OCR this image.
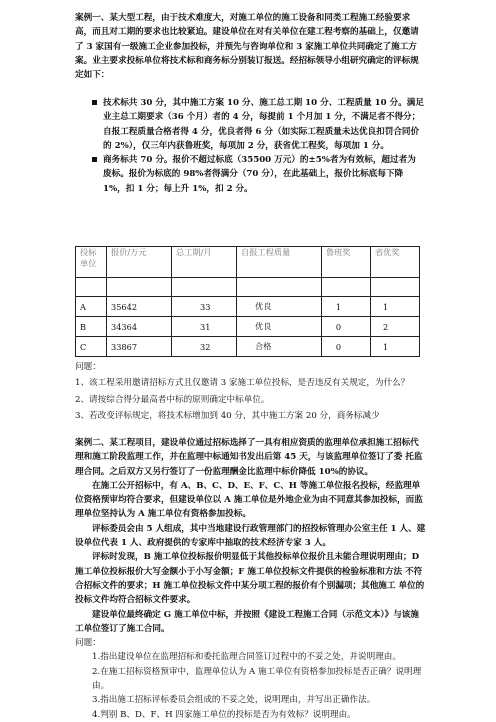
案例一、某大型工程，由于技术难度大，对施工单位的施工设备和同类工程施工经验要求高，而且对工期的要求也比较紧迫。建设单位在对有关单位在建工程考察的基础上，仅邀请了 3 家国有一级施工企业参加投标，并预先与咨询单位和 3 家施工单位共同确定了施工方案。业主要求投标单位将技术标和商务标分别装订报送。经招标领导小组研究确定的评标规定如下：

技术标共 30 分，其中施工方案 10 分、施工总工期 10 分、工程质量 10 分。满足业主总工期要求（36 个月）者的 4 分，每提前 1 个月加 1 分，不满足者不得分；自报工程质量合格者得 4 分，优良者得 6 分（如实际工程质量未达优良扣罚合同价的 2%），仅三年内获鲁班奖，每项加 2 分，获省优工程奖，每项加 1 分。

商务标共 70 分。报价不超过标底（35500 万元）的±5%者为有效标，超过者为废标。报价为标底的 98%者得满分（70 分），在此基础上，报价比标底每下降 1%，扣 1 分；每上升 1%，扣 2 分。

投标单位	报价/万元	总工期/月	自报工程质量	鲁班奖	省优奖

A	35642	33	优良	1	1
B	34364	31	优良	0	2
C	33867	32	合格	0	1

问题：

1、该工程采用邀请招标方式且仅邀请 3 家施工单位投标，是否违反有关规定，为什么？

2、请按综合得分最高者中标的原则确定中标单位。

3、若改变评标规定，将技术标增加到 40 分，其中施工方案 20 分，商务标减少

案例二、某工程项目，建设单位通过招标选择了一具有相应资质的监理单位承担施工招标代理和施工阶段监理工作，并在监理中标通知书发出后第 45 天，与该监理单位签订了委 托监理合同。之后双方又另行签订了一份监理酬金比监理中标价降低 10%的协议。

在施工公开招标中，有 A、B、C、D、E、F、C、H 等施工单位报名投标，经监理单位资格预审均符合要求，但建设单位以 A 施工单位是外地企业为由不同意其参加投标，而监理单位坚持认为 A 施工单位有资格参加投标。

评标委员会由 5 人组成，其中当地建设行政管理部门的招投标管理办公室主任 1 人、建设单位代表 1 人、政府提供的专家库中抽取的技术经济专家 3 人。

评标时发现，B 施工单位投标报价明显低于其他投标单位报价且未能合理说明理由；D 施工单位投标报价大写金额小于小写金额；F 施工单位投标文件提供的检验标准和方法 不符合招标文件的要求；H 施工单位投标文件中某分项工程的报价有个别漏项；其他施工 单位的投标文件均符合招标文件要求。

建设单位最终确定 G 施工单位中标，并按照《建设工程施工合同（示范文本）》与该施工单位签订了施工合同。

问题：

1.指出建设单位在监理招标和委托监理合同签订过程中的不妥之处，并说明理由。

2.在施工招标资格预审中，监理单位认为 A 施工单位有资格参加投标是否正确？说明理由。

3.指出施工招标评标委员会组成的不妥之处，说明理由，并写出正确作法。

4.判别 B、D、F、H 四家施工单位的投标是否为有效标？说明理由。
